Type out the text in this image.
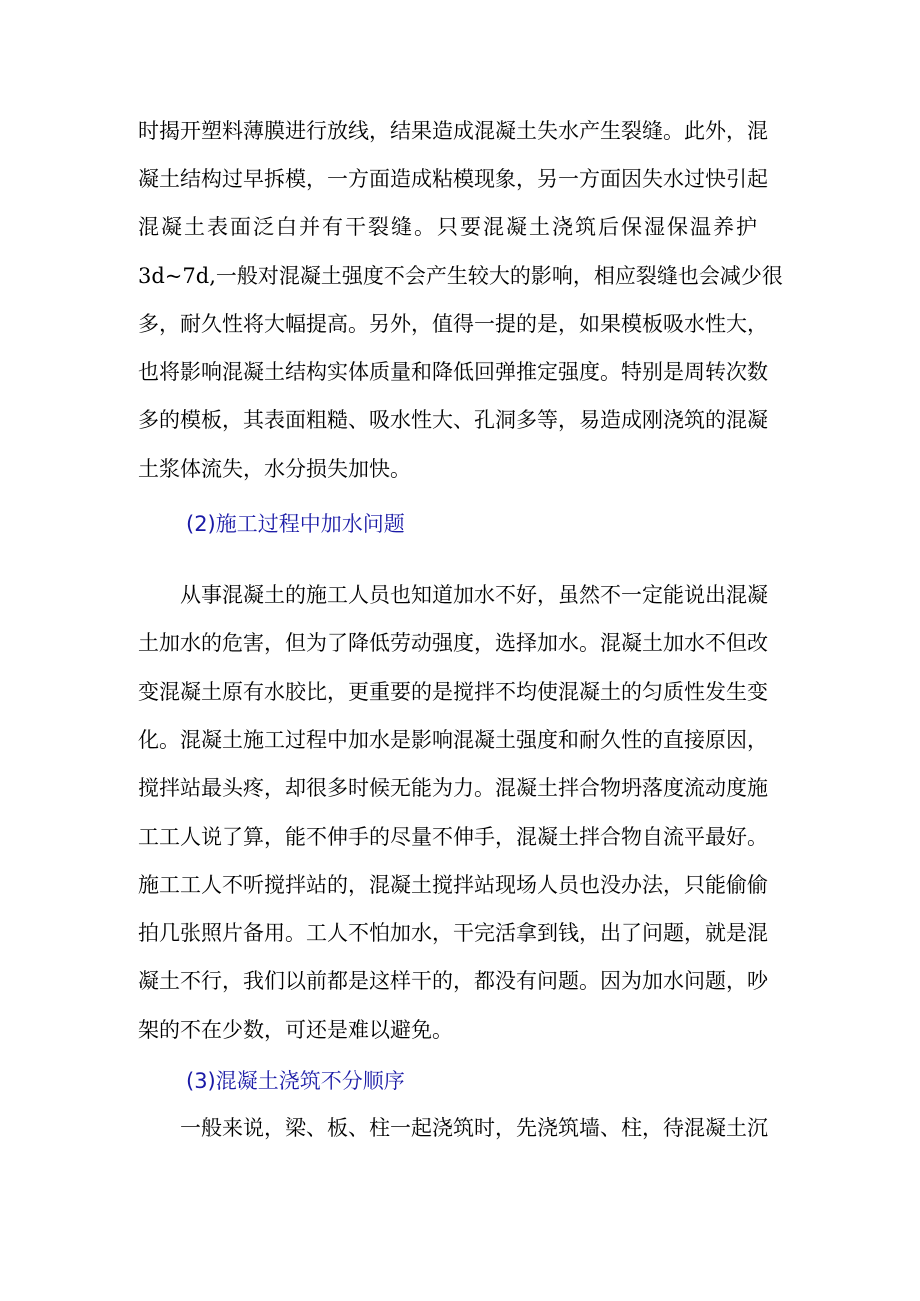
时揭开塑料薄膜进行放线，结果造成混凝土失水产生裂缝。此外，混
凝土结构过早拆模，一方面造成粘模现象，另一方面因失水过快引起
混凝土表面泛白并有干裂缝。只要混凝土浇筑后保湿保温养护
3d~7d,一般对混凝土强度不会产生较大的影响，相应裂缝也会减少很
多，耐久性将大幅提高。另外，值得一提的是，如果模板吸水性大，
也将影响混凝土结构实体质量和降低回弹推定强度。特别是周转次数
多的模板，其表面粗糙、吸水性大、孔洞多等，易造成刚浇筑的混凝
土浆体流失，水分损失加快。
(2)施工过程中加水问题
从事混凝土的施工人员也知道加水不好，虽然不一定能说出混凝
土加水的危害，但为了降低劳动强度，选择加水。混凝土加水不但改
变混凝土原有水胶比，更重要的是搅拌不均使混凝土的匀质性发生变
化。混凝土施工过程中加水是影响混凝土强度和耐久性的直接原因，
搅拌站最头疼，却很多时候无能为力。混凝土拌合物坍落度流动度施
工工人说了算，能不伸手的尽量不伸手，混凝土拌合物自流平最好。
施工工人不听搅拌站的，混凝土搅拌站现场人员也没办法，只能偷偷
拍几张照片备用。工人不怕加水，干完活拿到钱，出了问题，就是混
凝土不行，我们以前都是这样干的，都没有问题。因为加水问题，吵
架的不在少数，可还是难以避免。
(3)混凝土浇筑不分顺序
一般来说，梁、板、柱一起浇筑时，先浇筑墙、柱，待混凝土沉
